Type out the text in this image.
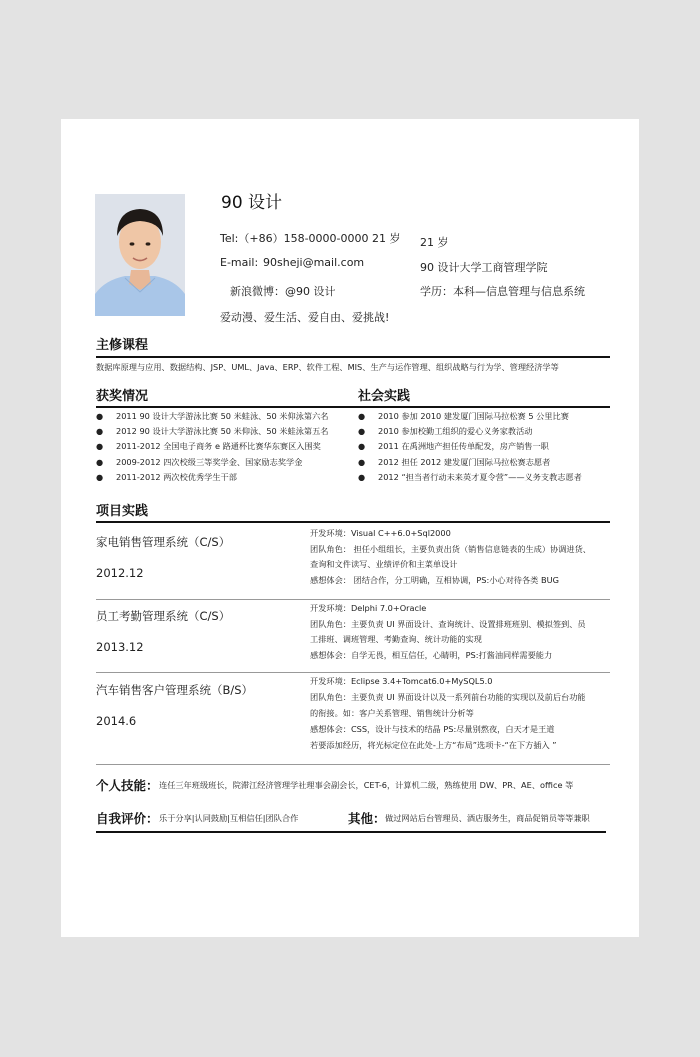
90 设计
Tel:（+86）158-0000-0000 21 岁
E-mail: 90sheji@mail.com
新浪微博：@90 设计
爱动漫、爱生活、爱自由、爱挑战!
21 岁
90 设计大学工商管理学院
学历：本科—信息管理与信息系统
主修课程
数据库原理与应用、数据结构、JSP、UML、Java、ERP、软件工程、MIS、生产与运作管理、组织战略与行为学、管理经济学等
获奖情况	社会实践
● 2011 90 设计大学游泳比赛 50 米蛙泳、50 米仰泳第六名
● 2012 90 设计大学游泳比赛 50 米仰泳、50 米蛙泳第五名
● 2011-2012 全国电子商务 e 路通杯比赛华东赛区入围奖
● 2009-2012 四次校级三等奖学金、国家励志奖学金
● 2011-2012 两次校优秀学生干部
● 2010 参加 2010 建发厦门国际马拉松赛 5 公里比赛
● 2010 参加校勤工组织的爱心义务家教活动
● 2011 在禹洲地产担任传单配发，房产销售一职
● 2012 担任 2012 建发厦门国际马拉松赛志愿者
● 2012 “担当者行动未来英才夏令营”——义务支教志愿者
项目实践
家电销售管理系统（C/S）
2012.12
开发环境：Visual C++6.0+Sql2000
团队角色： 担任小组组长，主要负责出货（销售信息链表的生成）协调进货、
查询和文件读写、业绩评价和主菜单设计
感想体会： 团结合作，分工明确，互相协调，PS:小心对待各类 BUG
员工考勤管理系统（C/S）
2013.12
开发环境：Delphi 7.0+Oracle
团队角色：主要负责 UI 界面设计、查询统计、设置排班班别、模拟签到、员
工排班、调班管理、考勤查询、统计功能的实现
感想体会：自学无畏，相互信任，心睛明，PS:打酱油同样需要能力
汽车销售客户管理系统（B/S）
2014.6
开发环境：Eclipse 3.4+Tomcat6.0+MySQL5.0
团队角色：主要负责 UI 界面设计以及一系列前台功能的实现以及前后台功能
的衔接。如：客户关系管理、销售统计分析等
感想体会：CSS，设计与技术的结晶 PS:尽量别熬夜，白天才是王道
若要添加经历，将光标定位在此处-上方“布局”选项卡-“在下方插入 ”
个人技能： 连任三年班级班长，院滞江经济管理学社理事会副会长，CET-6，计算机二级，熟练使用 DW、PR、AE、office 等
自我评价： 乐于分享|认同鼓励|互相信任|团队合作	其他： 做过网站后台管理员、酒店服务生，商品促销员等等兼职
